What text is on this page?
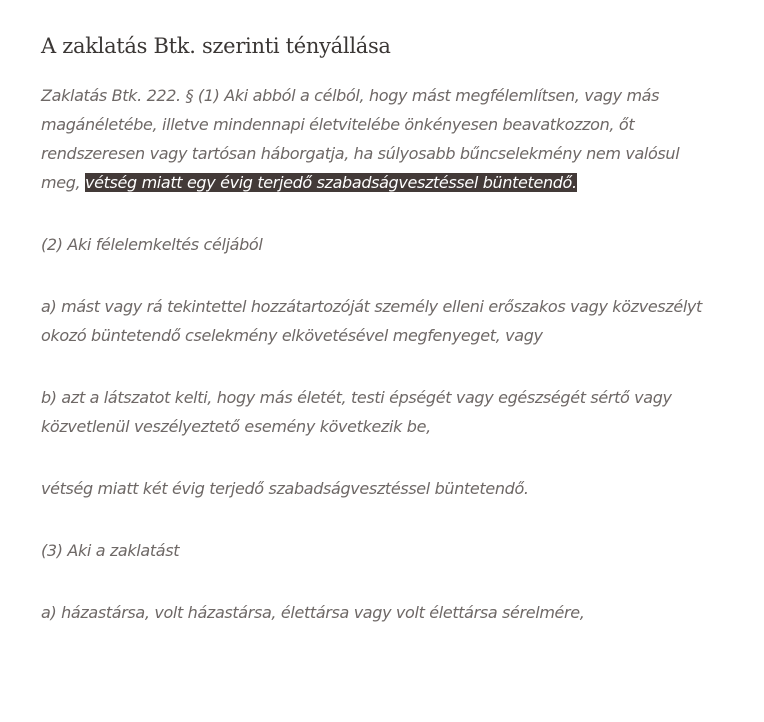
A zaklatás Btk. szerinti tényállása

Zaklatás Btk. 222. § (1) Aki abból a célból, hogy mást megfélemlítsen, vagy más magánéletébe, illetve mindennapi életvitelébe önkényesen beavatkozzon, őt rendszeresen vagy tartósan háborgatja, ha súlyosabb bűncselekmény nem valósul meg, vétség miatt egy évig terjedő szabadságvesztéssel büntetendő.

(2) Aki félelemkeltés céljából

a) mást vagy rá tekintettel hozzátartozóját személy elleni erőszakos vagy közveszélyt okozó büntetendő cselekmény elkövetésével megfenyeget, vagy

b) azt a látszatot kelti, hogy más életét, testi épségét vagy egészségét sértő vagy közvetlenül veszélyeztető esemény következik be,

vétség miatt két évig terjedő szabadságvesztéssel büntetendő.

(3) Aki a zaklatást

a) házastársa, volt házastársa, élettársa vagy volt élettársa sérelmére,
